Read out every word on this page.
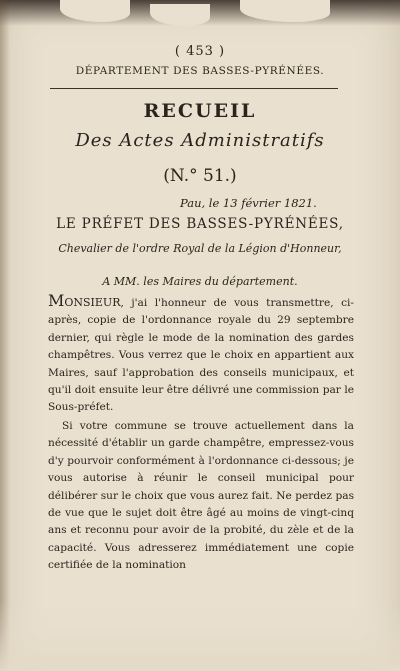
( 453 )
DÉPARTEMENT DES BASSES-PYRÉNÉES.
RECUEIL
Des Actes Administratifs
(N.° 51.)
Pau, le 13 février 1821.
LE PRÉFET DES BASSES-PYRÉNÉES,
Chevalier de l'ordre Royal de la Légion d'Honneur,
A MM. les Maires du département.
Monsieur, j'ai l'honneur de vous transmettre, ci-après, copie de l'ordonnance royale du 29 septembre dernier, qui règle le mode de la nomination des gardes champêtres. Vous verrez que le choix en appartient aux Maires, sauf l'approbation des conseils municipaux, et qu'il doit ensuite leur être délivré une commission par le Sous-préfet.
Si votre commune se trouve actuellement dans la nécessité d'établir un garde champêtre, empressez-vous d'y pourvoir conformément à l'ordonnance ci-dessous; je vous autorise à réunir le conseil municipal pour délibérer sur le choix que vous aurez fait. Ne perdez pas de vue que le sujet doit être âgé au moins de vingt-cinq ans et reconnu pour avoir de la probité, du zèle et de la capacité. Vous adresserez immédiatement une copie certifiée de la nomination
